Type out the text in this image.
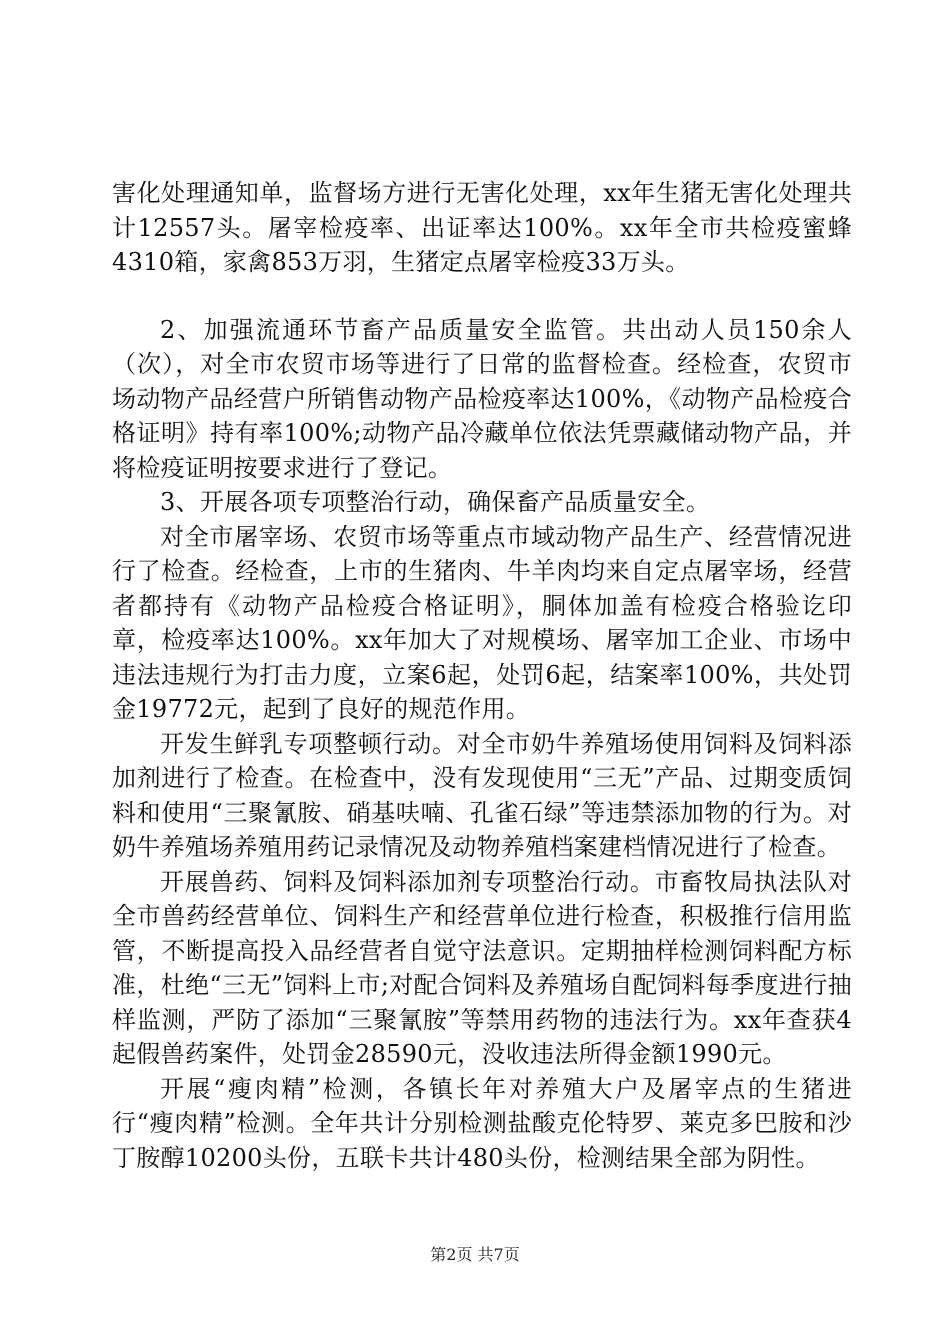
害化处理通知单，监督场方进行无害化处理，xx年生猪无害化处理共计12557头。屠宰检疫率、出证率达100%。xx年全市共检疫蜜蜂4310箱，家禽853万羽，生猪定点屠宰检疫33万头。

2、加强流通环节畜产品质量安全监管。共出动人员150余人（次），对全市农贸市场等进行了日常的监督检查。经检查，农贸市场动物产品经营户所销售动物产品检疫率达100%，《动物产品检疫合格证明》持有率100%;动物产品冷藏单位依法凭票藏储动物产品，并将检疫证明按要求进行了登记。

3、开展各项专项整治行动，确保畜产品质量安全。

对全市屠宰场、农贸市场等重点市域动物产品生产、经营情况进行了检查。经检查，上市的生猪肉、牛羊肉均来自定点屠宰场，经营者都持有《动物产品检疫合格证明》，胴体加盖有检疫合格验讫印章，检疫率达100%。xx年加大了对规模场、屠宰加工企业、市场中违法违规行为打击力度，立案6起，处罚6起，结案率100%，共处罚金19772元，起到了良好的规范作用。

开发生鲜乳专项整顿行动。对全市奶牛养殖场使用饲料及饲料添加剂进行了检查。在检查中，没有发现使用“三无”产品、过期变质饲料和使用“三聚氰胺、硝基呋喃、孔雀石绿”等违禁添加物的行为。对奶牛养殖场养殖用药记录情况及动物养殖档案建档情况进行了检查。

开展兽药、饲料及饲料添加剂专项整治行动。市畜牧局执法队对全市兽药经营单位、饲料生产和经营单位进行检查，积极推行信用监管，不断提高投入品经营者自觉守法意识。定期抽样检测饲料配方标准，杜绝“三无”饲料上市;对配合饲料及养殖场自配饲料每季度进行抽样监测，严防了添加“三聚氰胺”等禁用药物的违法行为。xx年查获4起假兽药案件，处罚金28590元，没收违法所得金额1990元。

开展“瘦肉精”检测，各镇长年对养殖大户及屠宰点的生猪进行“瘦肉精”检测。全年共计分别检测盐酸克伦特罗、莱克多巴胺和沙丁胺醇10200头份，五联卡共计480头份，检测结果全部为阴性。

第2页 共7页
